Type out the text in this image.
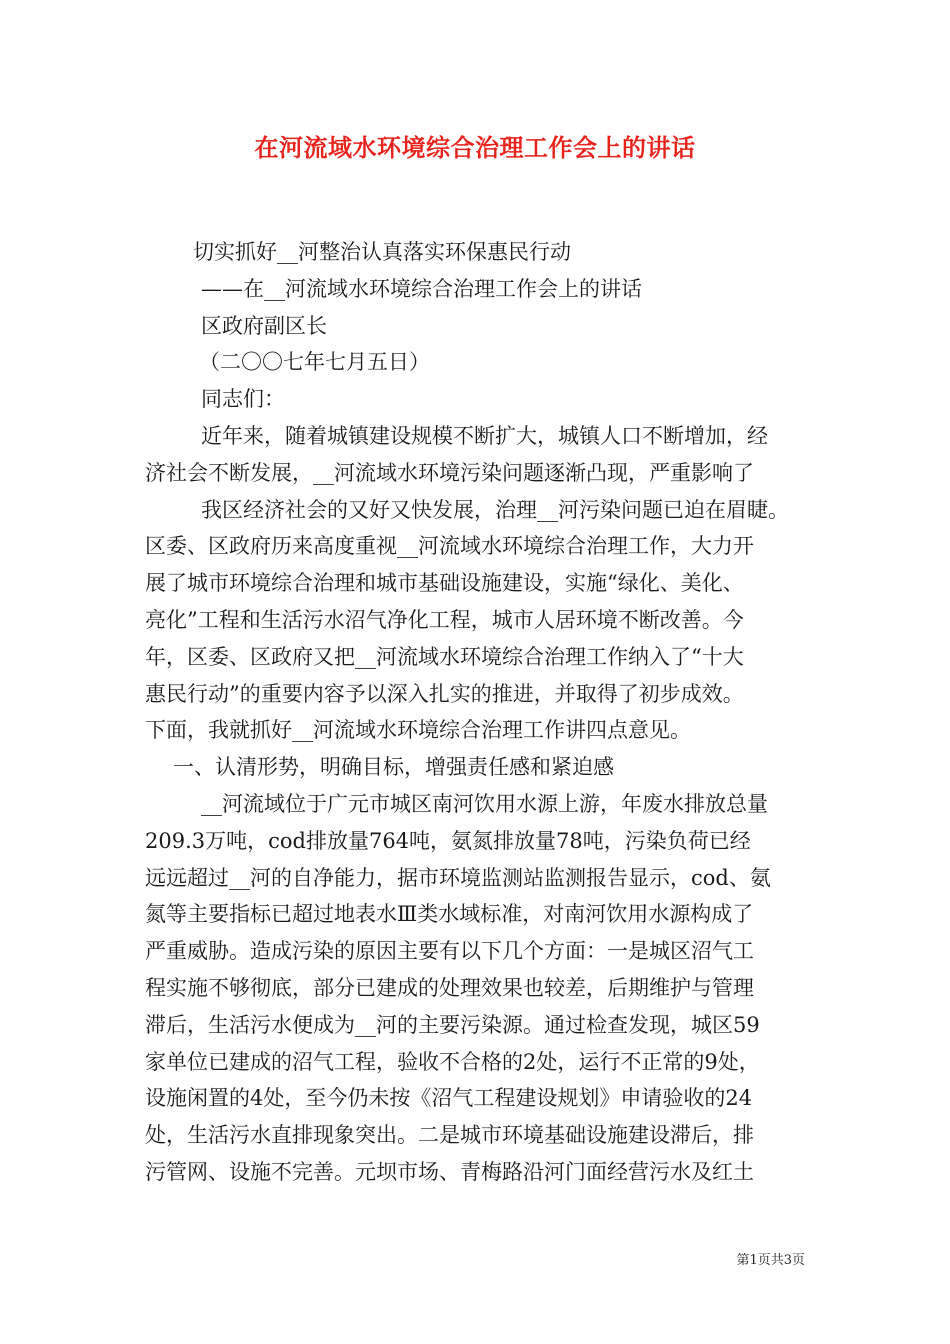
在河流域水环境综合治理工作会上的讲话
切实抓好__河整治认真落实环保惠民行动
——在__河流域水环境综合治理工作会上的讲话
区政府副区长
（二〇〇七年七月五日）
同志们：
近年来，随着城镇建设规模不断扩大，城镇人口不断增加，经
济社会不断发展，__河流域水环境污染问题逐渐凸现，严重影响了
我区经济社会的又好又快发展，治理__河污染问题已迫在眉睫。
区委、区政府历来高度重视__河流域水环境综合治理工作，大力开
展了城市环境综合治理和城市基础设施建设，实施“绿化、美化、
亮化”工程和生活污水沼气净化工程，城市人居环境不断改善。今
年，区委、区政府又把__河流域水环境综合治理工作纳入了“十大
惠民行动”的重要内容予以深入扎实的推进，并取得了初步成效。
下面，我就抓好__河流域水环境综合治理工作讲四点意见。
一、认清形势，明确目标，增强责任感和紧迫感
__河流域位于广元市城区南河饮用水源上游，年废水排放总量
209.3万吨，cod排放量764吨，氨氮排放量78吨，污染负荷已经
远远超过__河的自净能力，据市环境监测站监测报告显示，cod、氨
氮等主要指标已超过地表水Ⅲ类水域标准，对南河饮用水源构成了
严重威胁。造成污染的原因主要有以下几个方面：一是城区沼气工
程实施不够彻底，部分已建成的处理效果也较差，后期维护与管理
滞后，生活污水便成为__河的主要污染源。通过检查发现，城区59
家单位已建成的沼气工程，验收不合格的2处，运行不正常的9处，
设施闲置的4处，至今仍未按《沼气工程建设规划》申请验收的24
处，生活污水直排现象突出。二是城市环境基础设施建设滞后，排
污管网、设施不完善。元坝市场、青梅路沿河门面经营污水及红土
第1页共3页
